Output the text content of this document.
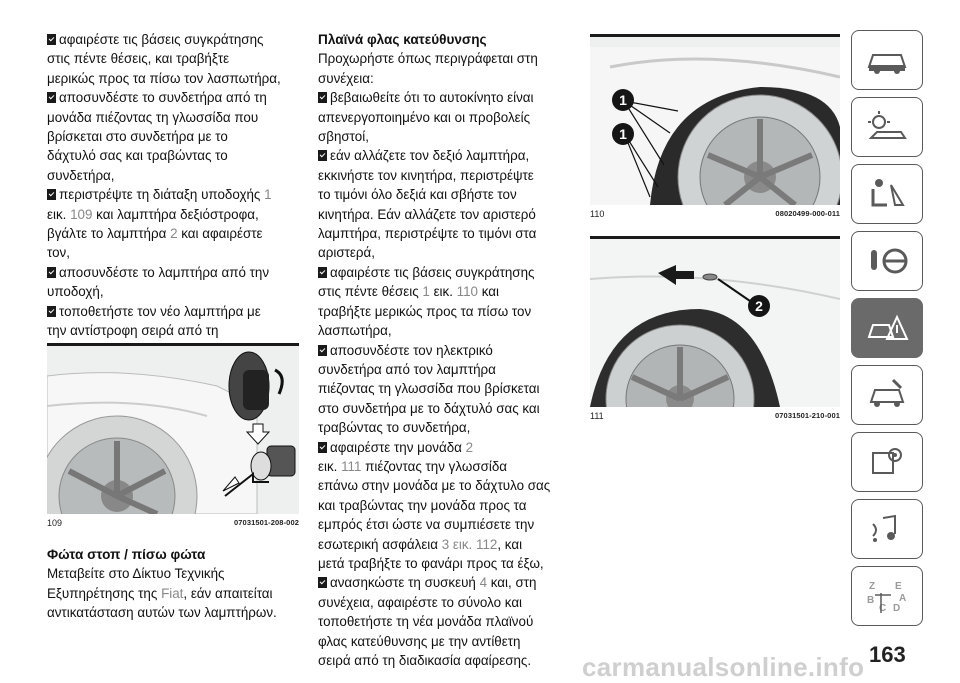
αφαιρέστε τις βάσεις συγκράτησης

στις πέντε θέσεις, και τραβήξτε

μερικώς προς τα πίσω τον λασπωτήρα,

αποσυνδέστε το συνδετήρα από τη

μονάδα πιέζοντας τη γλωσσίδα που

βρίσκεται στο συνδετήρα με το

δάχτυλό σας και τραβώντας το

συνδετήρα,

περιστρέψτε τη διάταξη υποδοχής 1

εικ. 109 και λαμπτήρα δεξιόστροφα,

βγάλτε το λαμπτήρα 2 και αφαιρέστε

τον,

αποσυνδέστε το λαμπτήρα από την

υποδοχή,

τοποθετήστε τον νέο λαμπτήρα με

την αντίστροφη σειρά από τη

109	07031501-208-002
Φώτα στοπ / πίσω φώτα

Μεταβείτε στο Δίκτυο Τεχνικής

Εξυπηρέτησης της Fiat, εάν απαιτείται

αντικατάσταση αυτών των λαμπτήρων.

Πλαϊνά φλας κατεύθυνσης

Προχωρήστε όπως περιγράφεται στη

συνέχεια:

βεβαιωθείτε ότι το αυτοκίνητο είναι

απενεργοποιημένο και οι προβολείς

σβηστοί,

εάν αλλάζετε τον δεξιό λαμπτήρα,

εκκινήστε τον κινητήρα, περιστρέψτε

το τιμόνι όλο δεξιά και σβήστε τον

κινητήρα. Εάν αλλάζετε τον αριστερό

λαμπτήρα, περιστρέψτε το τιμόνι στα

αριστερά,

αφαιρέστε τις βάσεις συγκράτησης

στις πέντε θέσεις 1 εικ. 110 και

τραβήξτε μερικώς προς τα πίσω τον

λασπωτήρα,

αποσυνδέστε τον ηλεκτρικό

συνδετήρα από τον λαμπτήρα

πιέζοντας τη γλωσσίδα που βρίσκεται

στο συνδετήρα με το δάχτυλό σας και

τραβώντας το συνδετήρα,

αφαιρέστε την μονάδα 2

εικ. 111 πιέζοντας την γλωσσίδα

επάνω στην μονάδα με το δάχτυλο σας

και τραβώντας την μονάδα προς τα

εμπρός έτσι ώστε να συμπιέσετε την

εσωτερική ασφάλεια 3 εικ. 112, και

μετά τραβήξτε το φανάρι προς τα έξω,

ανασηκώστε τη συσκευή 4 και, στη

συνέχεια, αφαιρέστε το σύνολο και

τοποθετήστε τη νέα μονάδα πλαϊνού

φλας κατεύθυνσης με την αντίθετη

σειρά από τη διαδικασία αφαίρεσης.

1
1
110	08020499-000-011
2
111	07031501-210-001
Z E
B
C D
A
163
carmanualsonline.info
